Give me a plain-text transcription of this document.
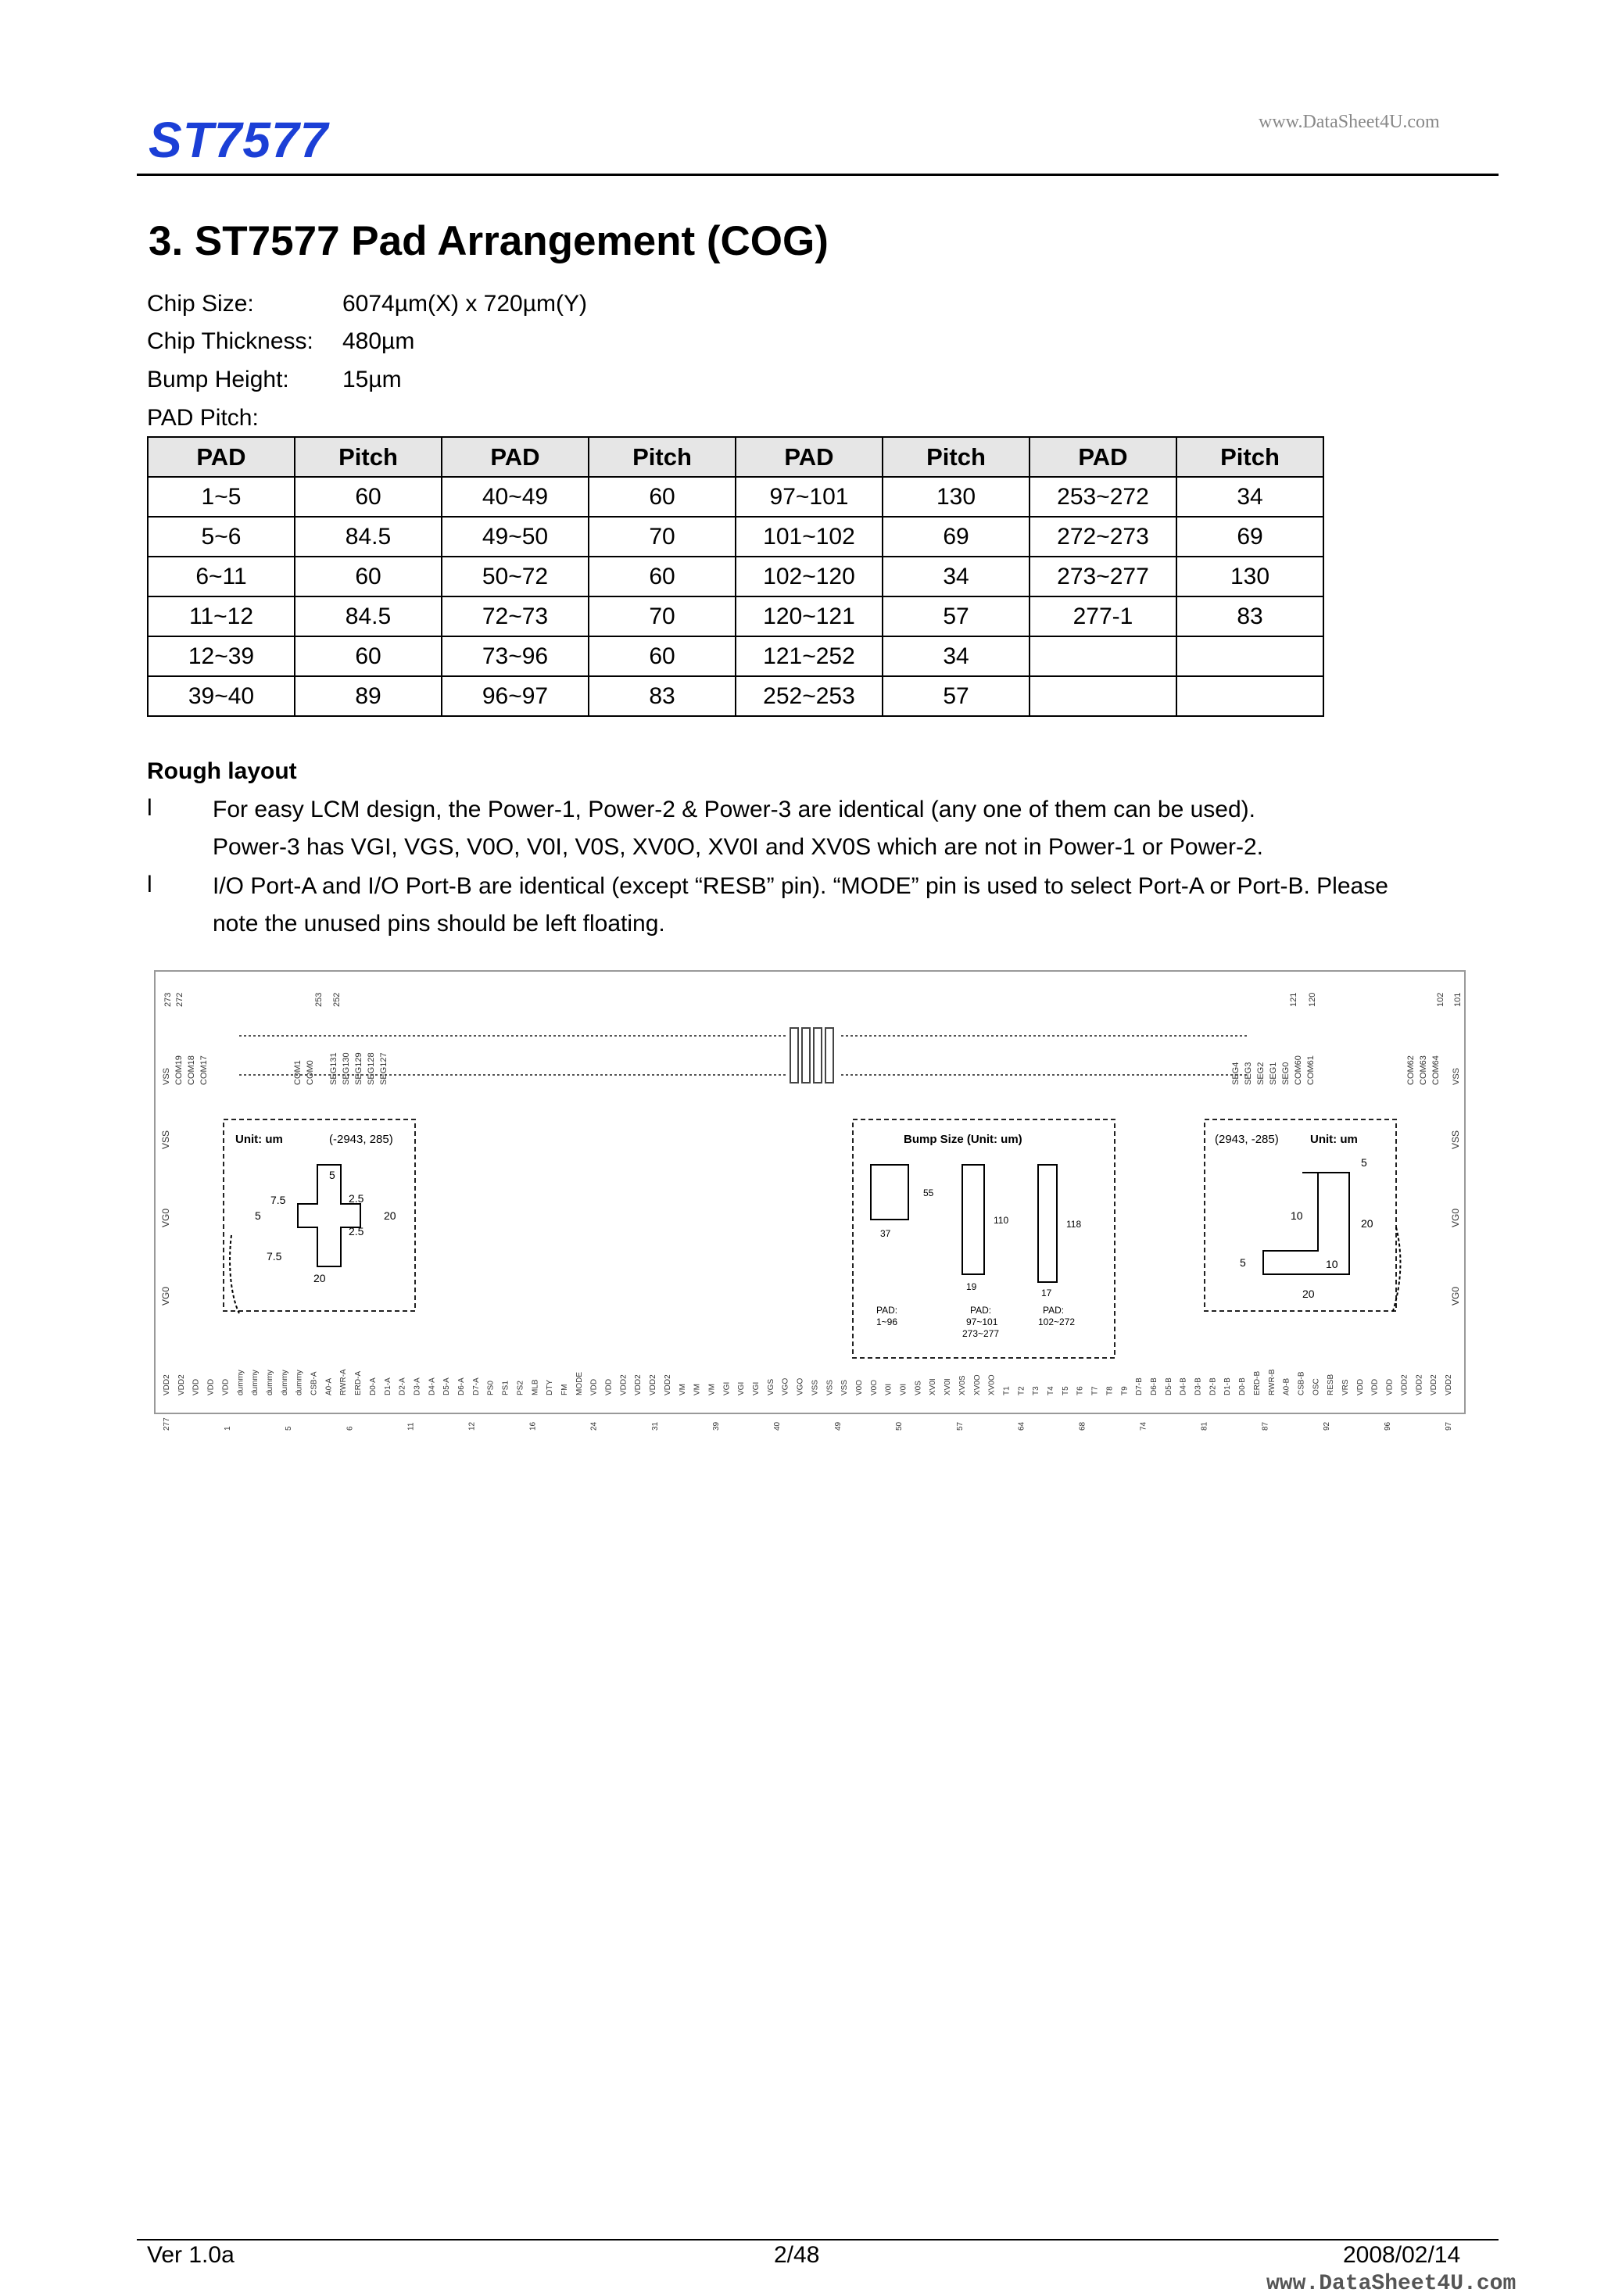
ST7577	www.DataSheet4U.com
3. ST7577 Pad Arrangement (COG)
Chip Size:	6074µm(X) x 720µm(Y)
Chip Thickness: 480µm
Bump Height: 15µm
PAD Pitch:
PAD	Pitch	PAD	Pitch	PAD	Pitch	PAD	Pitch
1~5	60	40~49	60	97~101	130	253~272	34
5~6	84.5	49~50	70	101~102	69	272~273	69
6~11	60	50~72	60	102~120	34	273~277	130
11~12	84.5	72~73	70	120~121	57	277-1	83
12~39	60	73~96	60	121~252	34		
39~40	89	96~97	83	252~253	57		
Rough layout
l	For easy LCM design, the Power-1, Power-2 & Power-3 are identical (any one of them can be used).
Power-3 has VGI, VGS, V0O, V0I, V0S, XV0O, XV0I and XV0S which are not in Power-1 or Power-2.
l	I/O Port-A and I/O Port-B are identical (except “RESB” pin). “MODE” pin is used to select Port-A or Port-B. Please
note the unused pins should be left floating.
273 272	253 252	121 120	102 101
VSS COM19 COM18 COM17	COM1 COM0 SEG131 SEG130 SEG129 SEG128 SEG127	SEG4 SEG3 SEG2 SEG1 SEG0 COM60 COM61	COM62 COM63 COM64 VSS
VSS
VG0
VG0
VSS
VG0
VG0
Unit: um	(-2943, 285)
5
7.5	2.5
20
5
2.5
7.5
20
Bump Size (Unit: um)
55
37
110
19
118
17
PAD:
1~96
PAD:
97~101
273~277
PAD:
102~272
(2943, -285)	Unit: um
5
10
20
5	10
20
VDD2 VDD2 VDD VDD VDD dummy dummy dummy dummy dummy CSB-A A0-A RWR-A ERD-A D0-A D1-A D2-A D3-A D4-A D5-A D6-A D7-A PS0 PS1 PS2 MLB DTY FM MODE VDD VDD VDD2 VDD2 VDD2 VDD2 VM VM VM VGI VGI VGI VGS VGO VGO VSS VSS VSS V0O V0O V0I V0I V0S XV0I XV0I XV0S XV0O XV0O T1 T2 T3 T4 T5 T6 T7 T8 T9 D7-B D6-B D5-B D4-B D3-B D2-B D1-B D0-B ERD-B RWR-B A0-B CSB-B OSC RESB VRS VDD VDD VDD VDD2 VDD2 VDD2 VDD2
277	1	5	6	11	12	16	24	31	39	40	49	50	57	64	68	74	81	87	92	96	97
Ver 1.0a	2/48	2008/02/14
www.DataSheet4U.com
